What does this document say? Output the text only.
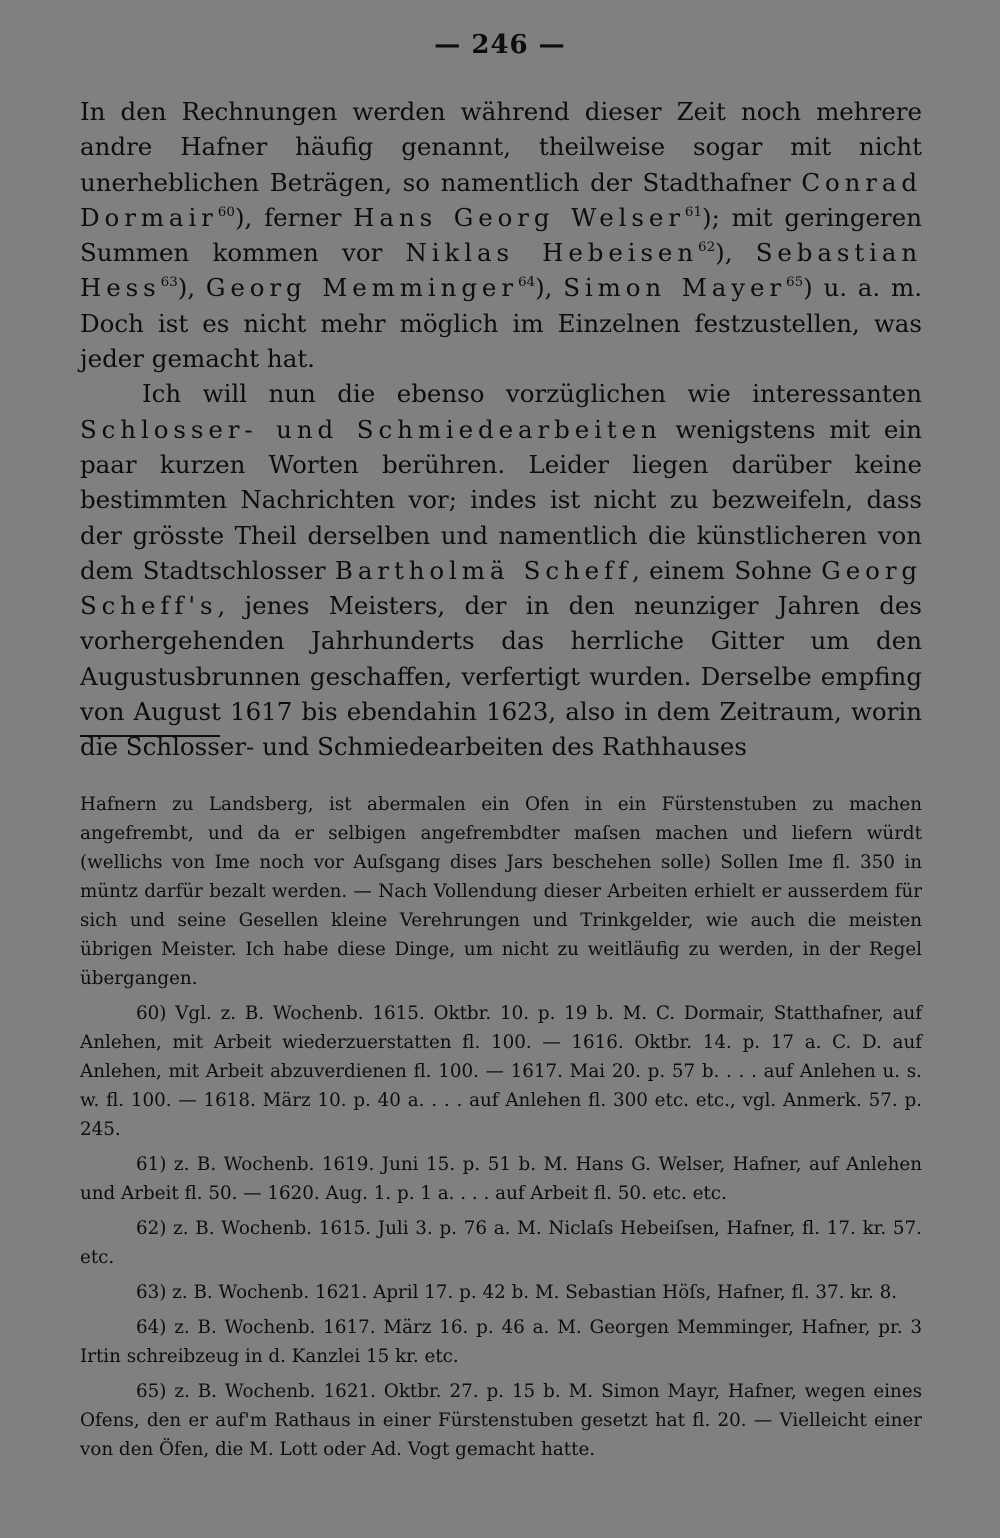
— 246 —

In den Rechnungen werden während dieser Zeit noch mehrere andre Hafner häufig genannt, theilweise sogar mit nicht unerheblichen Beträgen, so namentlich der Stadthafner Conrad Dormair$^{60}$), ferner Hans Georg Welser$^{61}$); mit geringeren Summen kommen vor Niklas Hebeisen$^{62}$), Sebastian Hess$^{63}$), Georg Memminger$^{64}$), Simon Mayer$^{65}$) u. a. m. Doch ist es nicht mehr möglich im Einzelnen festzustellen, was jeder gemacht hat.

Ich will nun die ebenso vorzüglichen wie interessanten Schlosser- und Schmiedearbeiten wenigstens mit ein paar kurzen Worten berühren. Leider liegen darüber keine bestimmten Nachrichten vor; indes ist nicht zu bezweifeln, dass der grösste Theil derselben und namentlich die künstlicheren von dem Stadtschlosser Bartholmä Scheff, einem Sohne Georg Scheff's, jenes Meisters, der in den neunziger Jahren des vorhergehenden Jahrhunderts das herrliche Gitter um den Augustusbrunnen geschaffen, verfertigt wurden. Derselbe empfing von August 1617 bis ebendahin 1623, also in dem Zeitraum, worin die Schlosser- und Schmiedearbeiten des Rathhauses

Hafnern zu Landsberg, ist abermalen ein Ofen in ein Fürstenstuben zu machen angefrembt, und da er selbigen angefrembdter maſsen machen und liefern würdt (wellichs von Ime noch vor Auſsgang dises Jars beschehen solle) Sollen Ime fl. 350 in müntz darfür bezalt werden. — Nach Vollendung dieser Arbeiten erhielt er ausserdem für sich und seine Gesellen kleine Verehrungen und Trinkgelder, wie auch die meisten übrigen Meister. Ich habe diese Dinge, um nicht zu weitläufig zu werden, in der Regel übergangen.

60) Vgl. z. B. Wochenb. 1615. Oktbr. 10. p. 19 b. M. C. Dormair, Statthafner, auf Anlehen, mit Arbeit wiederzuerstatten fl. 100. — 1616. Oktbr. 14. p. 17 a. C. D. auf Anlehen, mit Arbeit abzuverdienen fl. 100. — 1617. Mai 20. p. 57 b. . . . auf Anlehen u. s. w. fl. 100. — 1618. März 10. p. 40 a. . . . auf Anlehen fl. 300 etc. etc., vgl. Anmerk. 57. p. 245.

61) z. B. Wochenb. 1619. Juni 15. p. 51 b. M. Hans G. Welser, Hafner, auf Anlehen und Arbeit fl. 50. — 1620. Aug. 1. p. 1 a. . . . auf Arbeit fl. 50. etc. etc.

62) z. B. Wochenb. 1615. Juli 3. p. 76 a. M. Niclaſs Hebeiſsen, Hafner, fl. 17. kr. 57. etc.

63) z. B. Wochenb. 1621. April 17. p. 42 b. M. Sebastian Höſs, Hafner, fl. 37. kr. 8.

64) z. B. Wochenb. 1617. März 16. p. 46 a. M. Georgen Memminger, Hafner, pr. 3 Irtin schreibzeug in d. Kanzlei 15 kr. etc.

65) z. B. Wochenb. 1621. Oktbr. 27. p. 15 b. M. Simon Mayr, Hafner, wegen eines Ofens, den er auf'm Rathaus in einer Fürstenstuben gesetzt hat fl. 20. — Vielleicht einer von den Öfen, die M. Lott oder Ad. Vogt gemacht hatte.
